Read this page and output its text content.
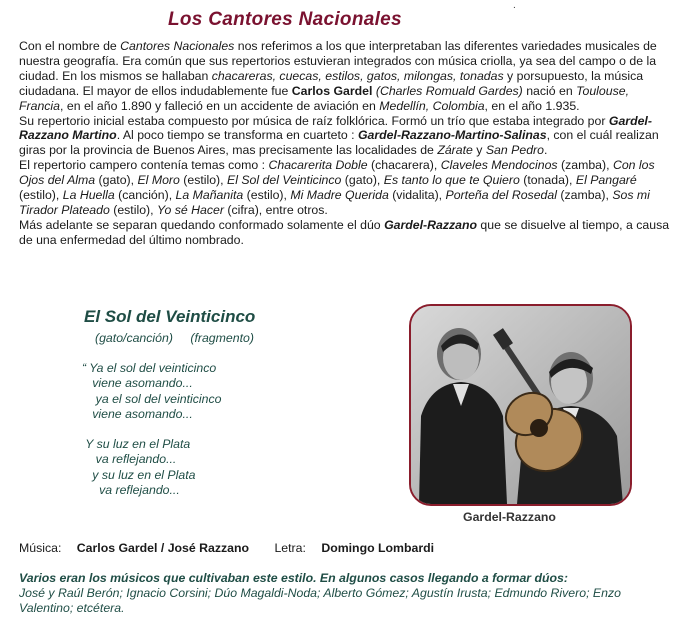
.
Los Cantores Nacionales

Con el nombre de Cantores Nacionales nos referimos a los que interpretaban las diferentes variedades musicales de nuestra geografía. Era común que sus repertorios estuvieran integrados con música criolla, ya sea del campo o de la ciudad. En los mismos se hallaban chacareras, cuecas, estilos, gatos, milongas, tonadas y porsupuesto, la música ciudadana. El mayor de ellos indudablemente fue Carlos Gardel (Charles Romuald Gardes) nació en Toulouse, Francia, en el año 1.890 y falleció en un accidente de aviación en Medellín, Colombia, en el año 1.935.

Su repertorio inicial estaba compuesto por música de raíz folklórica. Formó un trío que estaba integrado por Gardel-Razzano Martino. Al poco tiempo se transforma en cuarteto : Gardel-Razzano-Martino-Salinas, con el cuál realizan giras por la provincia de Buenos Aires, mas precisamente las localidades de Zárate y San Pedro.

El repertorio campero contenía temas como : Chacarerita Doble (chacarera), Claveles Mendocinos (zamba), Con los Ojos del Alma (gato), El Moro (estilo), El Sol del Veinticinco (gato), Es tanto lo que te Quiero (tonada), El Pangaré (estilo), La Huella (canción), La Mañanita (estilo), Mi Madre Querida (vidalita), Porteña del Rosedal (zamba), Sos mi Tirador Plateado (estilo), Yo sé Hacer (cifra), entre otros.

Más adelante se separan quedando conformado solamente el dúo Gardel-Razzano que se disuelve al tiempo, a causa de una enfermedad del último nombrado.

El Sol del Veinticinco
(gato/canción) (fragmento)
“ Ya el sol del veinticinco
viene asomando...
ya el sol del veinticinco
viene asomando...
Y su luz en el Plata
va reflejando...
y su luz en el Plata
va reflejando...
Gardel-Razzano
Música: Carlos Gardel / José Razzano Letra: Domingo Lombardi

Varios eran los músicos que cultivaban este estilo. En algunos casos llegando a formar dúos:
José y Raúl Berón; Ignacio Corsini; Dúo Magaldi-Noda; Alberto Gómez; Agustín Irusta; Edmundo Rivero; Enzo Valentino; etcétera.
